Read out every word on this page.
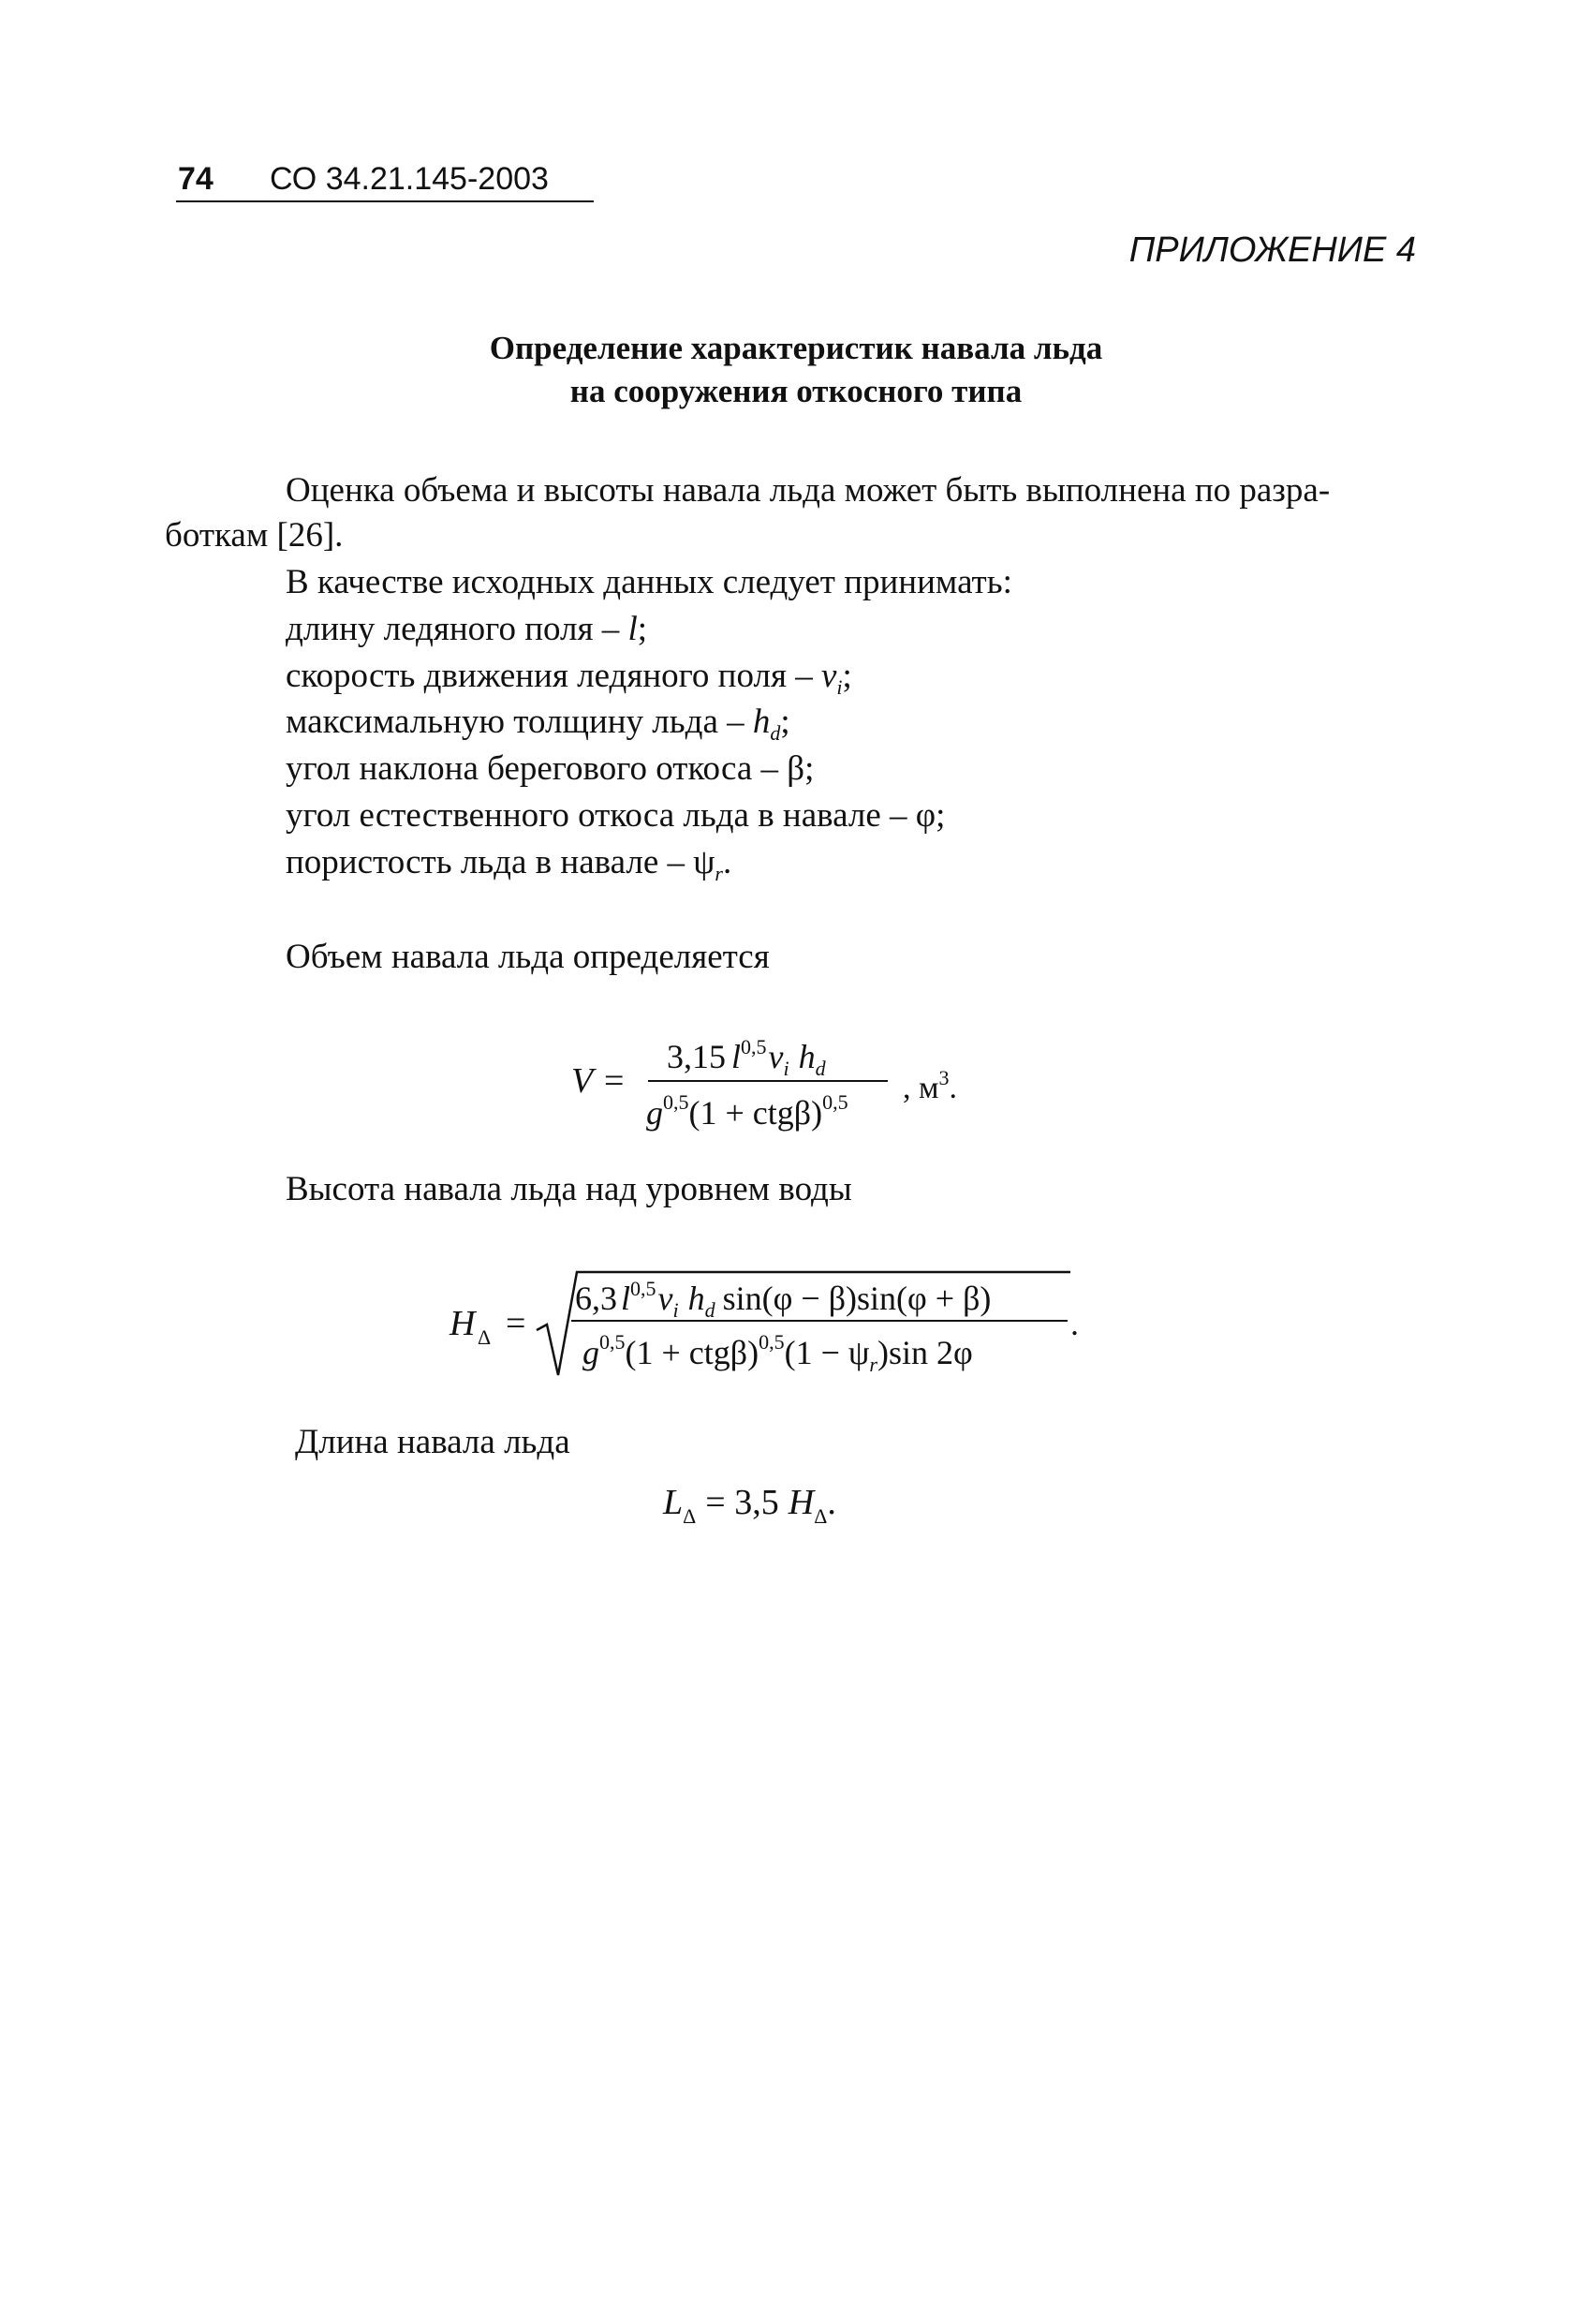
74 СО 34.21.145-2003
ПРИЛОЖЕНИЕ 4
Определение характеристик навала льда
на сооружения откосного типа
Оценка объема и высоты навала льда может быть выполнена по разра-
боткам [26].
В качестве исходных данных следует принимать:
длину ледяного поля – l;
скорость движения ледяного поля – $v_i$;
максимальную толщину льда – $h_d$;
угол наклона берегового откоса – β;
угол естественного откоса льда в навале – φ;
пористость льда в навале – $\psi_r$.
Объем навала льда определяется
V =
3,15 $l^{0,5}v_i$ $h_d$
$g^{0,5}(1 + ctg\beta)^{0,5}$ , $м^3$.
H Δ =
6,3 $l^{0,5}v_i$ $h_d$ sin(φ − β)sin(φ + β)
$g^{0,5}(1 + ctg\beta)^{0,5}(1 - \psi_r)\sin$ 2φ
.
$L_\Delta = 3,5$ $H_\Delta$.
Высота навала льда над уровнем воды
Длина навала льда
